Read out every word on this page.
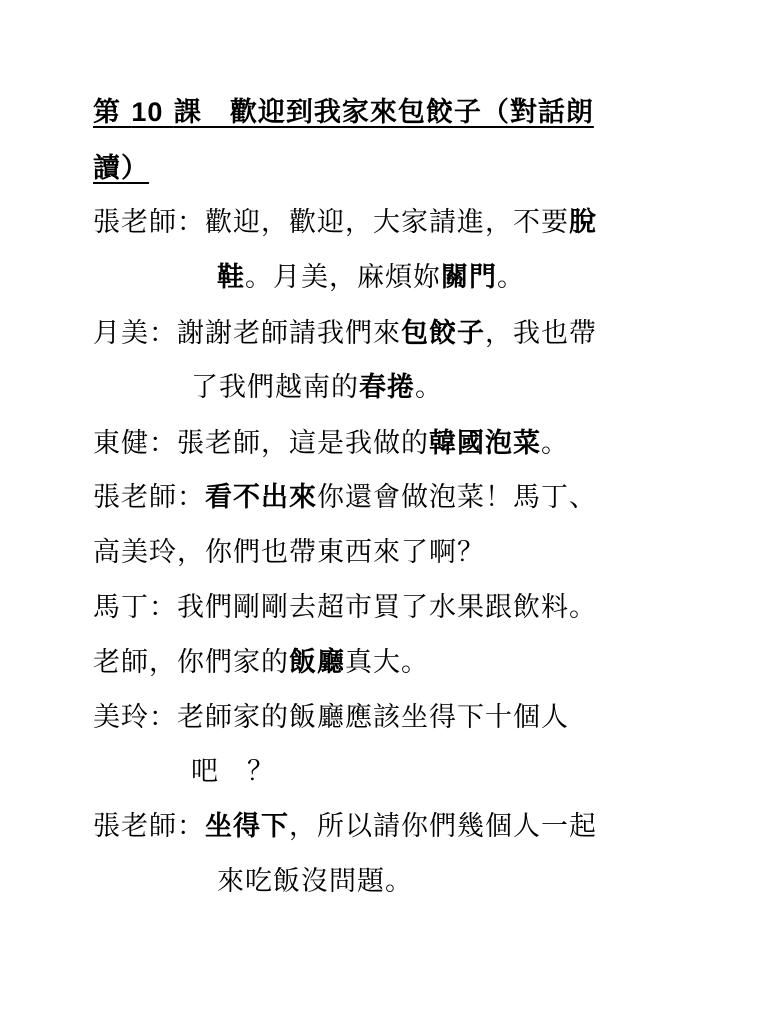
第 10 課　歡迎到我家來包餃子（對話朗
讀）
張老師：歡迎，歡迎，大家請進，不要脫
鞋。月美，麻煩妳關門。
月美：謝謝老師請我們來包餃子，我也帶
了我們越南的春捲。
東健：張老師，這是我做的韓國泡菜。
張老師：看不出來你還會做泡菜！馬丁、
高美玲，你們也帶東西來了啊？
馬丁：我們剛剛去超市買了水果跟飲料。
老師，你們家的飯廳真大。
美玲：老師家的飯廳應該坐得下十個人
吧　？
張老師：坐得下，所以請你們幾個人一起
來吃飯沒問題。
